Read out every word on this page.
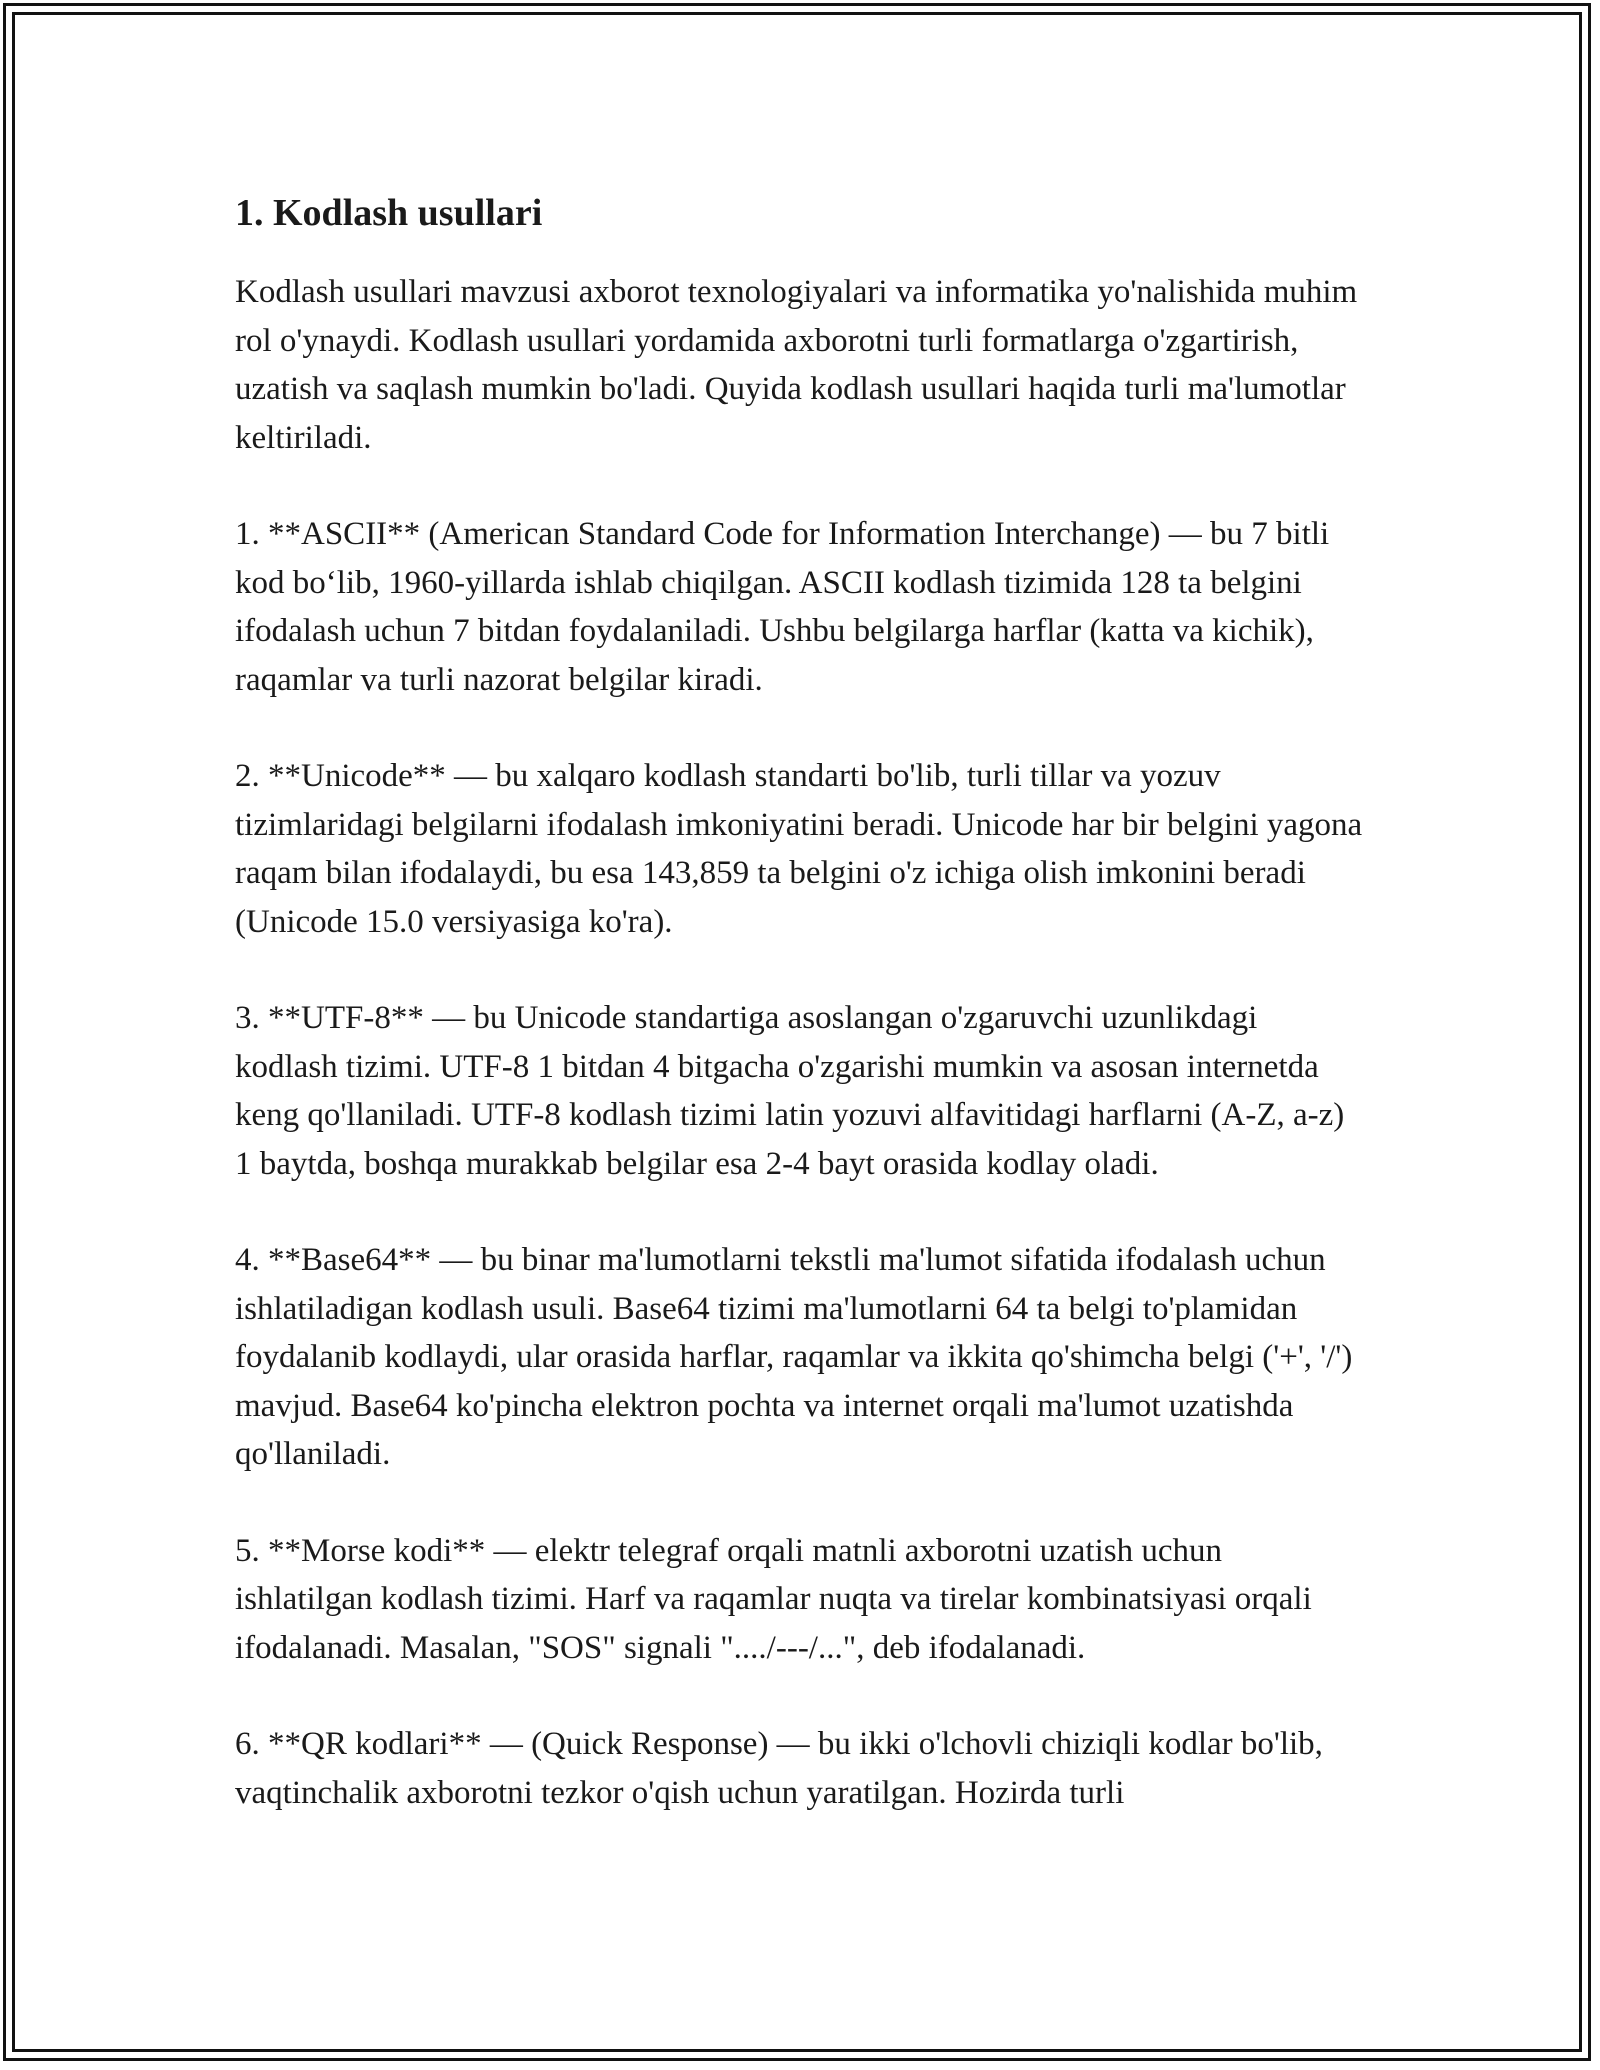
1. Kodlash usullari

Kodlash usullari mavzusi axborot texnologiyalari va informatika yo'nalishida muhim rol o'ynaydi. Kodlash usullari yordamida axborotni turli formatlarga o'zgartirish, uzatish va saqlash mumkin bo'ladi. Quyida kodlash usullari haqida turli ma'lumotlar keltiriladi.

1. **ASCII** (American Standard Code for Information Interchange) — bu 7 bitli kod bo‘lib, 1960-yillarda ishlab chiqilgan. ASCII kodlash tizimida 128 ta belgini ifodalash uchun 7 bitdan foydalaniladi. Ushbu belgilarga harflar (katta va kichik), raqamlar va turli nazorat belgilar kiradi.

2. **Unicode** — bu xalqaro kodlash standarti bo'lib, turli tillar va yozuv tizimlaridagi belgilarni ifodalash imkoniyatini beradi. Unicode har bir belgini yagona raqam bilan ifodalaydi, bu esa 143,859 ta belgini o'z ichiga olish imkonini beradi (Unicode 15.0 versiyasiga ko'ra).

3. **UTF-8** — bu Unicode standartiga asoslangan o'zgaruvchi uzunlikdagi kodlash tizimi. UTF-8 1 bitdan 4 bitgacha o'zgarishi mumkin va asosan internetda keng qo'llaniladi. UTF-8 kodlash tizimi latin yozuvi alfavitidagi harflarni (A-Z, a-z) 1 baytda, boshqa murakkab belgilar esa 2-4 bayt orasida kodlay oladi.

4. **Base64** — bu binar ma'lumotlarni tekstli ma'lumot sifatida ifodalash uchun ishlatiladigan kodlash usuli. Base64 tizimi ma'lumotlarni 64 ta belgi to'plamidan foydalanib kodlaydi, ular orasida harflar, raqamlar va ikkita qo'shimcha belgi ('+', '/') mavjud. Base64 ko'pincha elektron pochta va internet orqali ma'lumot uzatishda qo'llaniladi.

5. **Morse kodi** — elektr telegraf orqali matnli axborotni uzatish uchun ishlatilgan kodlash tizimi. Harf va raqamlar nuqta va tirelar kombinatsiyasi orqali ifodalanadi. Masalan, "SOS" signali "..../---/...", deb ifodalanadi.

6. **QR kodlari** — (Quick Response) — bu ikki o'lchovli chiziqli kodlar bo'lib, vaqtinchalik axborotni tezkor o'qish uchun yaratilgan. Hozirda turli
